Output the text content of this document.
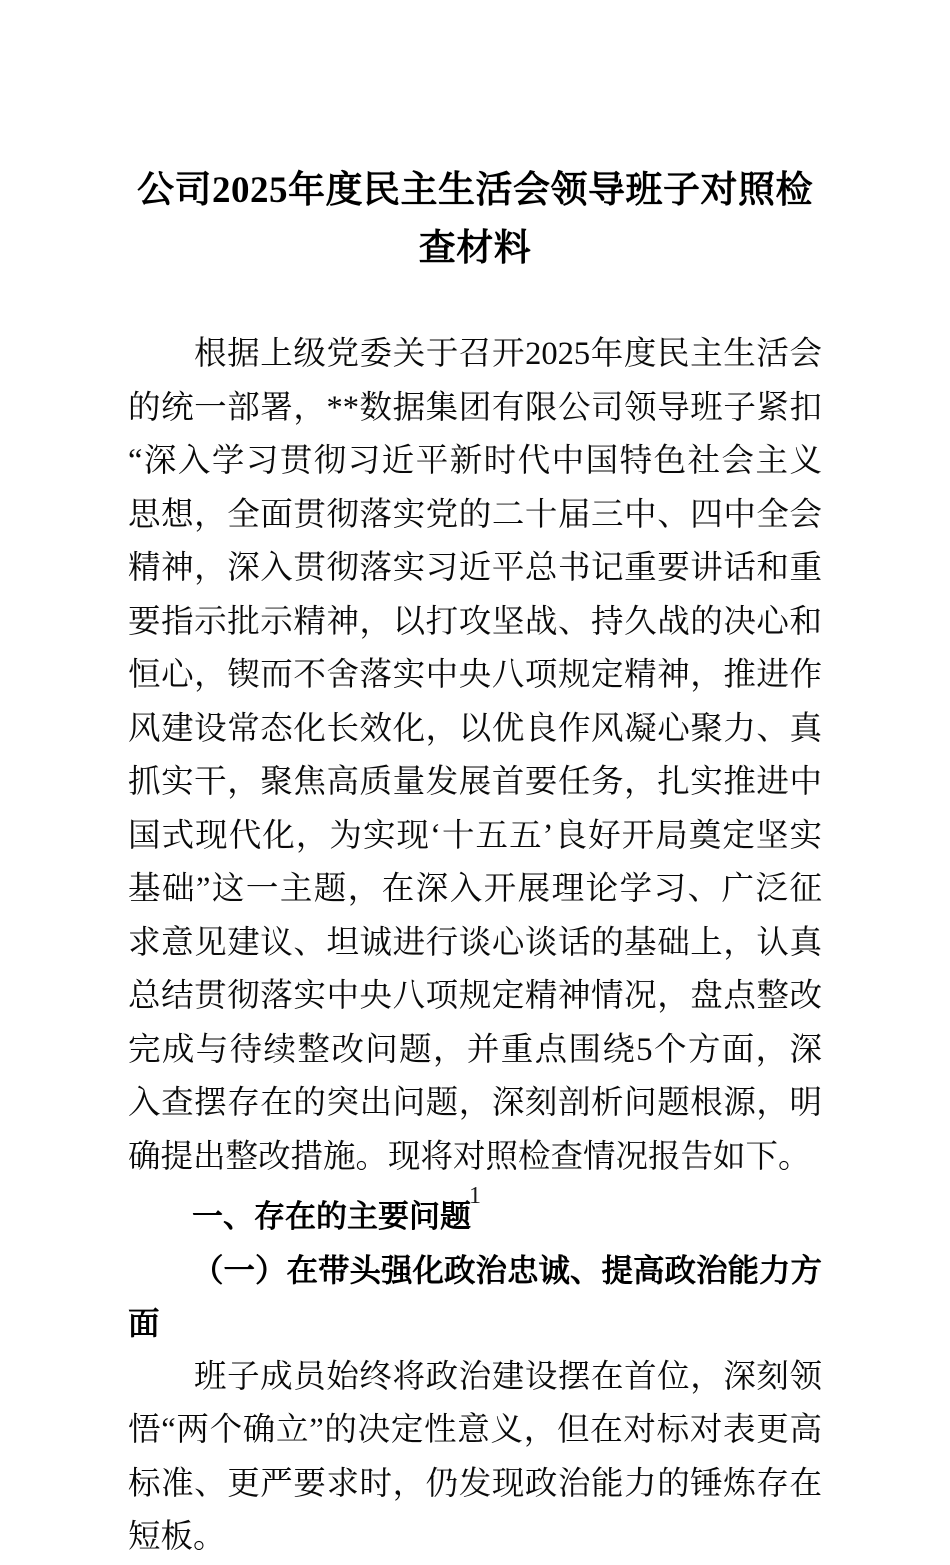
公司2025年度民主生活会领导班子对照检查材料

根据上级党委关于召开2025年度民主生活会的统一部署，**数据集团有限公司领导班子紧扣“深入学习贯彻习近平新时代中国特色社会主义思想，全面贯彻落实党的二十届三中、四中全会精神，深入贯彻落实习近平总书记重要讲话和重要指示批示精神，以打攻坚战、持久战的决心和恒心，锲而不舍落实中央八项规定精神，推进作风建设常态化长效化，以优良作风凝心聚力、真抓实干，聚焦高质量发展首要任务，扎实推进中国式现代化，为实现‘十五五’良好开局奠定坚实基础”这一主题，在深入开展理论学习、广泛征求意见建议、坦诚进行谈心谈话的基础上，认真总结贯彻落实中央八项规定精神情况，盘点整改完成与待续整改问题，并重点围绕5个方面，深入查摆存在的突出问题，深刻剖析问题根源，明确提出整改措施。现将对照检查情况报告如下。

一、存在的主要问题
（一）在带头强化政治忠诚、提高政治能力方面

班子成员始终将政治建设摆在首位，深刻领悟“两个确立”的决定性意义，但在对标对表更高标准、更严要求时，仍发现政治能力的锤炼存在短板。

1
